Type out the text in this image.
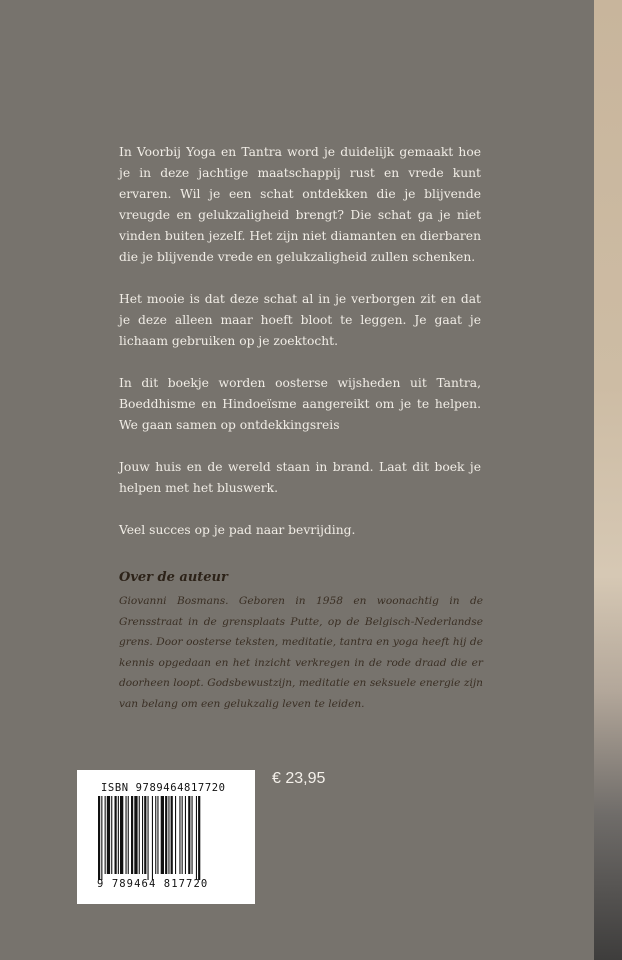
In Voorbij Yoga en Tantra word je duidelijk gemaakt hoe je in deze jachtige maatschappij rust en vrede kunt ervaren. Wil je een schat ontdekken die je blijvende vreugde en gelukzaligheid brengt? Die schat ga je niet vinden buiten jezelf. Het zijn niet diamanten en dierbaren die je blijvende vrede en gelukzaligheid zullen schenken.

Het mooie is dat deze schat al in je verborgen zit en dat je deze alleen maar hoeft bloot te leggen. Je gaat je lichaam gebruiken op je zoektocht.

In dit boekje worden oosterse wijsheden uit Tantra, Boeddhisme en Hindoeïsme aangereikt om je te helpen. We gaan samen op ontdekkingsreis

Jouw huis en de wereld staan in brand. Laat dit boek je helpen met het bluswerk.

Veel succes op je pad naar bevrijding.

Over de auteur
Giovanni Bosmans. Geboren in 1958 en woonachtig in de Grensstraat in de grensplaats Putte, op de Belgisch-Nederlandse grens. Door oosterse teksten, meditatie, tantra en yoga heeft hij de kennis opgedaan en het inzicht verkregen in de rode draad die er doorheen loopt. Godsbewustzijn, meditatie en seksuele energie zijn van belang om een gelukzalig leven te leiden.
ISBN 9789464817720
9 789464 817720
€ 23,95
